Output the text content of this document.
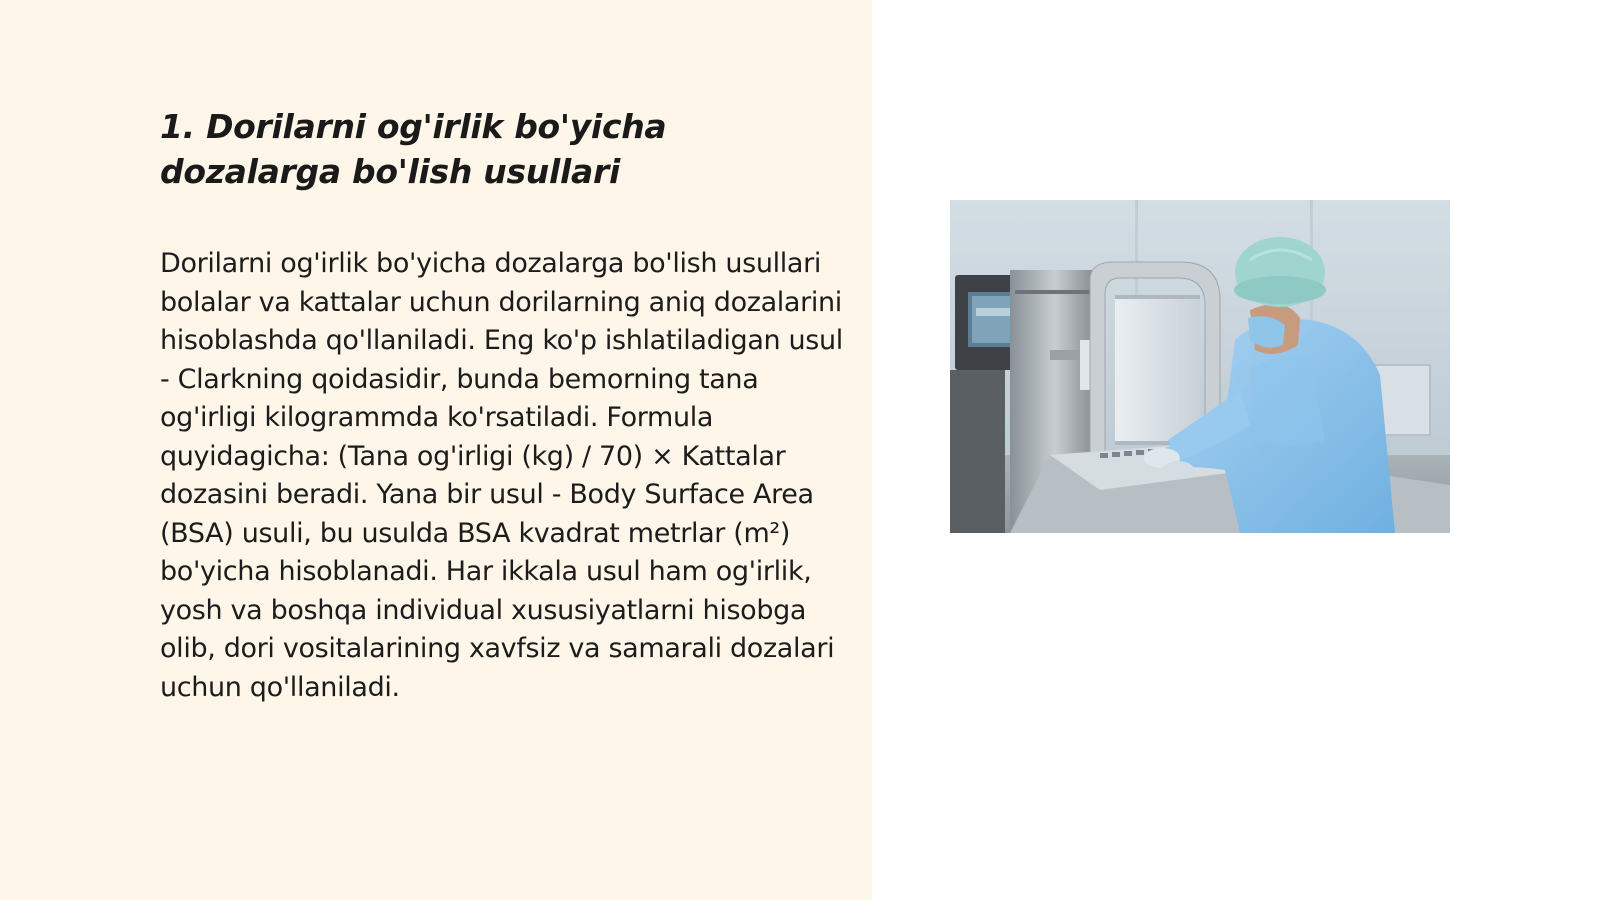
1. Dorilarni og'irlik bo'yicha dozalarga bo'lish usullari

Dorilarni og'irlik bo'yicha dozalarga bo'lish usullari bolalar va kattalar uchun dorilarning aniq dozalarini hisoblashda qo'llaniladi. Eng ko'p ishlatiladigan usul - Clarkning qoidasidir, bunda bemorning tana og'irligi kilogrammda ko'rsatiladi. Formula quyidagicha: (Tana og'irligi (kg) / 70) × Kattalar dozasini beradi. Yana bir usul - Body Surface Area (BSA) usuli, bu usulda BSA kvadrat metrlar (m²) bo'yicha hisoblanadi. Har ikkala usul ham og'irlik, yosh va boshqa individual xususiyatlarni hisobga olib, dori vositalarining xavfsiz va samarali dozalari uchun qo'llaniladi.
